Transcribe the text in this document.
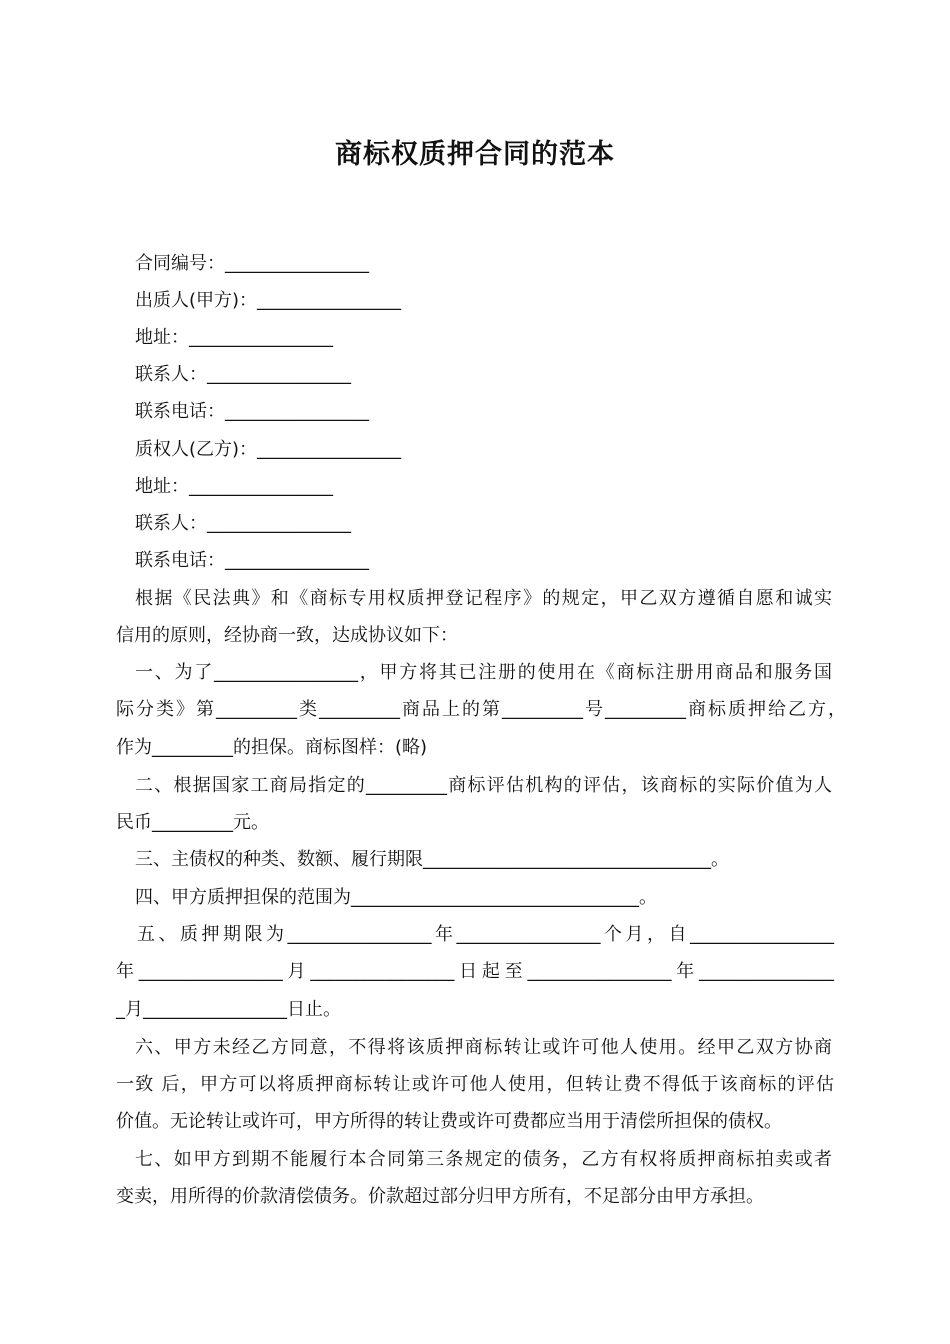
商标权质押合同的范本
合同编号：________________
出质人(甲方)：________________
地址：________________
联系人：________________
联系电话：________________
质权人(乙方)：________________
地址：________________
联系人：________________
联系电话：________________
根据《民法典》和《商标专用权质押登记程序》的规定，甲乙双方遵循自愿和诚实
信用的原则，经协商一致，达成协议如下：
一、为了________________，甲方将其已注册的使用在《商标注册用商品和服务国
际分类》第_________类_________商品上的第_________号_________商标质押给乙方，
作为_________的担保。商标图样：(略)
二、根据国家工商局指定的_________商标评估机构的评估，该商标的实际价值为人
民币_________元。
三、主债权的种类、数额、履行期限________________________________。
四、甲方质押担保的范围为________________________________。
五、质押期限为________________年________________个月，自________________
年________________月________________日起至________________年_______________
_月________________日止。
六、甲方未经乙方同意，不得将该质押商标转让或许可他人使用。经甲乙双方协商
一致 后，甲方可以将质押商标转让或许可他人使用，但转让费不得低于该商标的评估
价值。无论转让或许可，甲方所得的转让费或许可费都应当用于清偿所担保的债权。
七、如甲方到期不能履行本合同第三条规定的债务，乙方有权将质押商标拍卖或者
变卖，用所得的价款清偿债务。价款超过部分归甲方所有，不足部分由甲方承担。
